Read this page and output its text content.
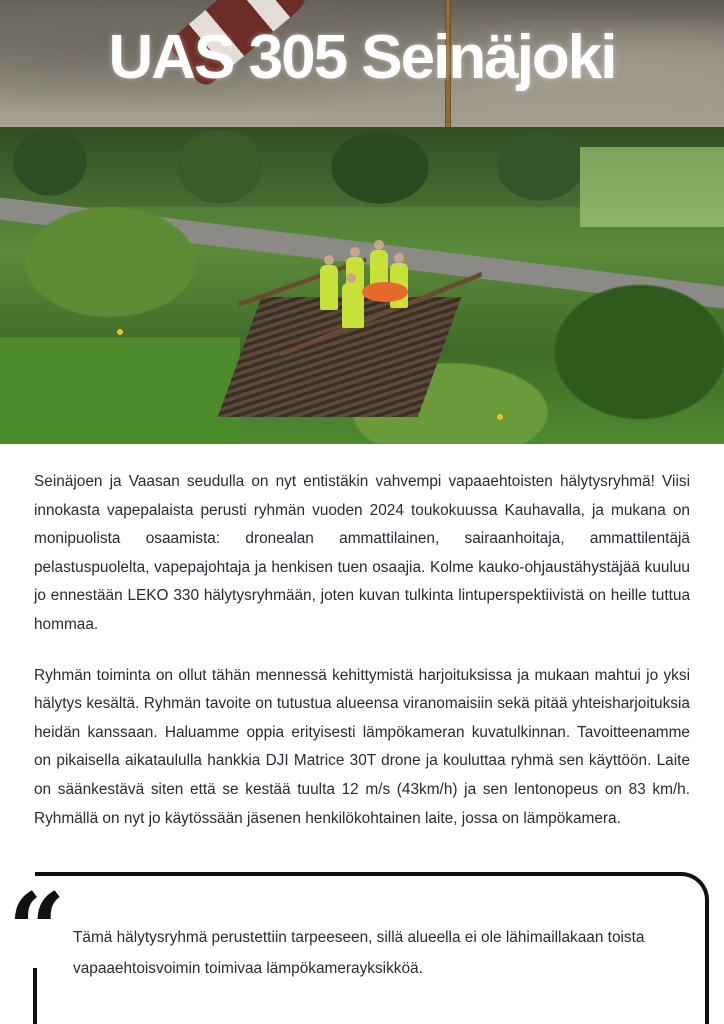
UAS 305 Seinäjoki

Seinäjoen ja Vaasan seudulla on nyt entistäkin vahvempi vapaaehtoisten hälytysryhmä! Viisi innokasta vapepalaista perusti ryhmän vuoden 2024 toukokuussa Kauhavalla, ja mukana on monipuolista osaamista: dronealan ammattilainen, sairaanhoitaja, ammattilentäjä pelastuspuolelta, vapepajohtaja ja henkisen tuen osaajia. Kolme kauko-ohjaustähystäjää kuuluu jo ennestään LEKO 330 hälytysryhmään, joten kuvan tulkinta lintuperspektiivistä on heille tuttua hommaa.

Ryhmän toiminta on ollut tähän mennessä kehittymistä harjoituksissa ja mukaan mahtui jo yksi hälytys kesältä. Ryhmän tavoite on tutustua alueensa viranomaisiin sekä pitää yhteisharjoituksia heidän kanssaan. Haluamme oppia erityisesti lämpökameran kuvatulkinnan. Tavoitteenamme on pikaisella aikataululla hankkia DJI Matrice 30T drone ja kouluttaa ryhmä sen käyttöön. Laite on säänkestävä siten että se kestää tuulta 12 m/s (43km/h) ja sen lentonopeus on 83 km/h. Ryhmällä on nyt jo käytössään jäsenen henkilökohtainen laite, jossa on lämpökamera.

“ Tämä hälytysryhmä perustettiin tarpeeseen, sillä alueella ei ole lähimaillakaan toista vapaaehtoisvoimin toimivaa lämpökamerayksikköä.
